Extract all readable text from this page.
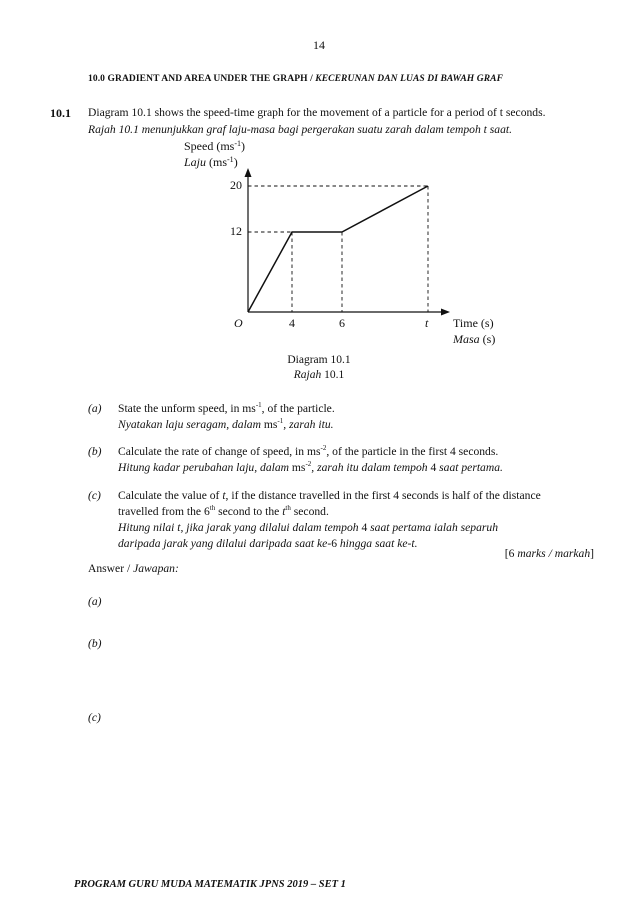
14
10.0 GRADIENT AND AREA UNDER THE GRAPH / KECERUNAN DAN LUAS DI BAWAH GRAF
10.1 Diagram 10.1 shows the speed-time graph for the movement of a particle for a period of t seconds.
Rajah 10.1 menunjukkan graf laju-masa bagi pergerakan suatu zarah dalam tempoh t saat.
Speed $(ms^{-1})$
Laju $(ms^{-1})$
20
12
O	4	6	t Time (s)
Masa (s)
Diagram 10.1
Rajah 10.1
(a) State the unform speed, in $ms^{-1}$, of the particle.
Nyatakan laju seragam, dalam $ms^{-1}$, zarah itu.
(b) Calculate the rate of change of speed, in $ms^{-2}$, of the particle in the first 4 seconds.
Hitung kadar perubahan laju, dalam $ms^{-2}$, zarah itu dalam tempoh 4 saat pertama.
(c) Calculate the value of t, if the distance travelled in the first 4 seconds is half of the distance
travelled from the 6th second to the $t^{th}$ second.
Hitung nilai t, jika jarak yang dilalui dalam tempoh 4 saat pertama ialah separuh
daripada jarak yang dilalui daripada saat ke-6 hingga saat ke-t.
[6 marks / markah]
Answer / Jawapan:
(a)
(b)
(c)
PROGRAM GURU MUDA MATEMATIK JPNS 2019 – SET 1
